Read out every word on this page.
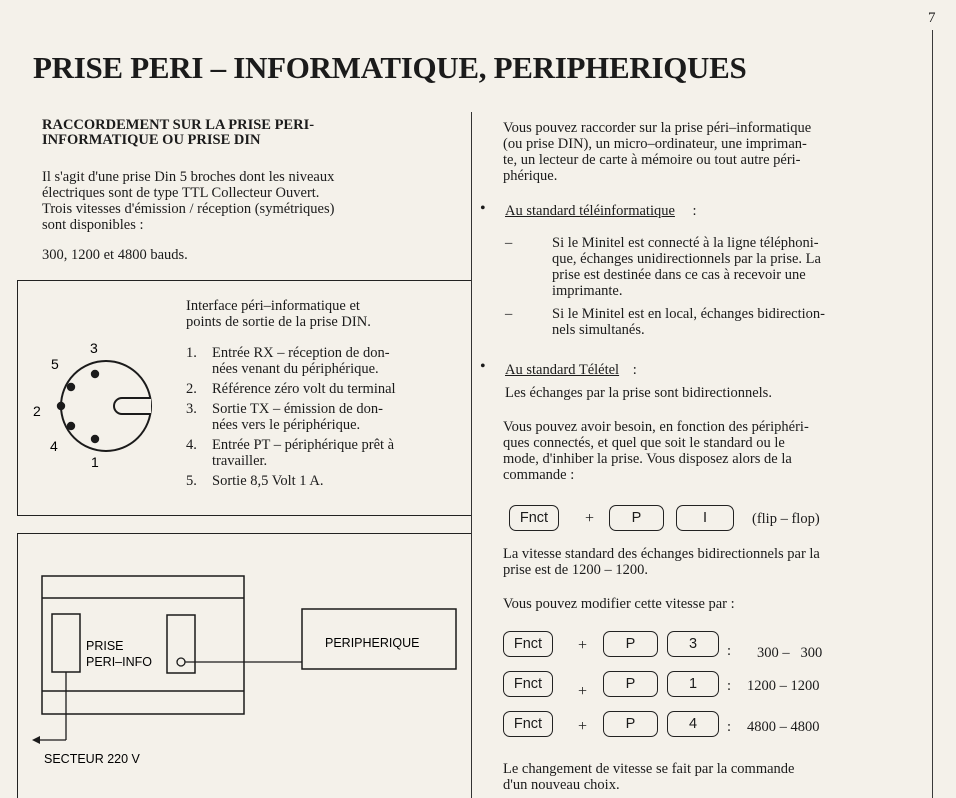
7
PRISE PERI – INFORMATIQUE, PERIPHERIQUES
RACCORDEMENT SUR LA PRISE PERI-
INFORMATIQUE OU PRISE DIN
Il s'agit d'une prise Din 5 broches dont les niveaux
électriques sont de type TTL Collecteur Ouvert.
Trois vitesses d'émission / réception (symétriques)
sont disponibles :
300, 1200 et 4800 bauds.
3
5
2
4
1
Interface péri–informatique et
points de sortie de la prise DIN.
1. Entrée RX – réception de don-
nées venant du périphérique.
2. Référence zéro volt du terminal
3. Sortie TX – émission de don-
nées vers le périphérique.
4. Entrée PT – périphérique prêt à
travailler.
5. Sortie 8,5 Volt 1 A.
PRISE
PERI–INFO
PERIPHERIQUE
SECTEUR 220 V
Vous pouvez raccorder sur la prise péri–informatique
(ou prise DIN), un micro–ordinateur, une impriman-
te, un lecteur de carte à mémoire ou tout autre péri-
phérique.
• Au standard téléinformatique :
–	Si le Minitel est connecté à la ligne téléphoni-
que, échanges unidirectionnels par la prise. La
prise est destinée dans ce cas à recevoir une
imprimante.
–	Si le Minitel est en local, échanges bidirection-
nels simultanés.
• Au standard Télétel :
Les échanges par la prise sont bidirectionnels.
Vous pouvez avoir besoin, en fonction des périphéri-
ques connectés, et quel que soit le standard ou le
mode, d'inhiber la prise. Vous disposez alors de la
commande :
Fnct	+	P	I	(flip – flop)
La vitesse standard des échanges bidirectionnels par la
prise est de 1200 – 1200.
Vous pouvez modifier cette vitesse par :
Fnct	+	P	3	: 300 –   300
Fnct	+	P	1	: 1200 – 1200
Fnct	+	P	4	: 4800 – 4800
Le changement de vitesse se fait par la commande
d'un nouveau choix.
